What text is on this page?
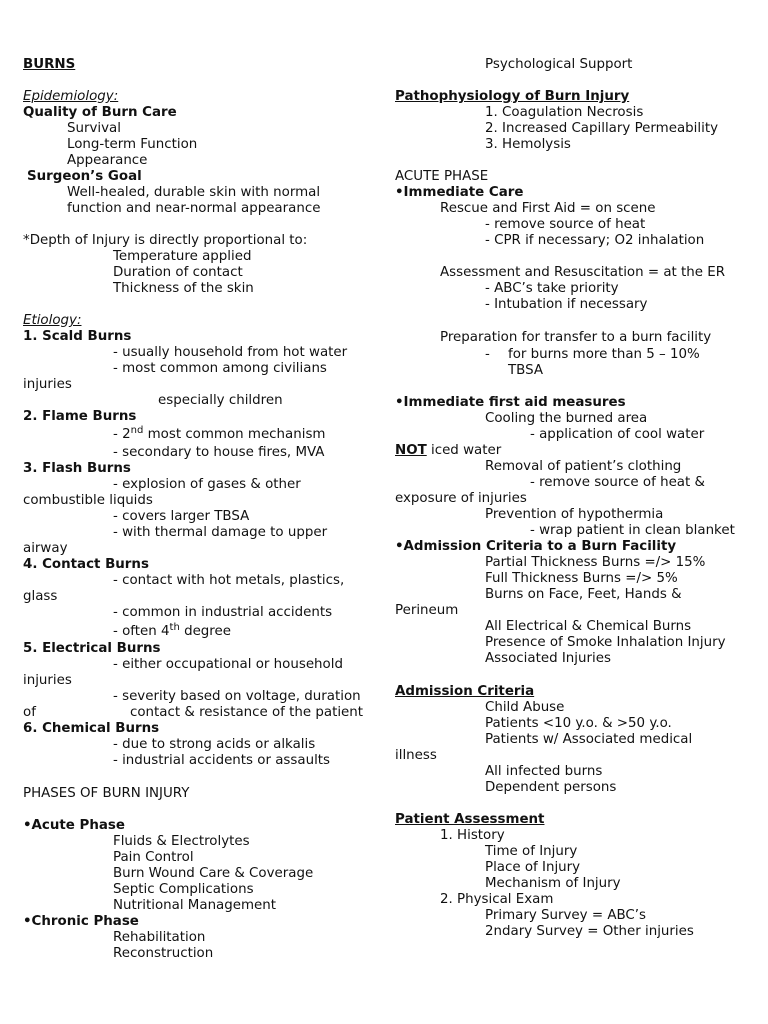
BURNS
Epidemiology:
Quality of Burn Care
Survival
Long-term Function
Appearance
Surgeon’s Goal
Well-healed, durable skin with normal
function and near-normal appearance
*Depth of Injury is directly proportional to:
Temperature applied
Duration of contact
Thickness of the skin
Etiology:
1. Scald Burns
- usually household from hot water
- most common among civilians
injuries
especially children
2. Flame Burns
- 2nd most common mechanism
- secondary to house fires, MVA
3. Flash Burns
- explosion of gases & other
combustible liquids
- covers larger TBSA
- with thermal damage to upper
airway
4. Contact Burns
- contact with hot metals, plastics,
glass
- common in industrial accidents
- often 4th degree
5. Electrical Burns
- either occupational or household
injuries
- severity based on voltage, duration
of	contact & resistance of the patient
6. Chemical Burns
- due to strong acids or alkalis
- industrial accidents or assaults
PHASES OF BURN INJURY
•Acute Phase
Fluids & Electrolytes
Pain Control
Burn Wound Care & Coverage
Septic Complications
Nutritional Management
•Chronic Phase
Rehabilitation
Reconstruction
Psychological Support
Pathophysiology of Burn Injury
1. Coagulation Necrosis
2. Increased Capillary Permeability
3. Hemolysis
ACUTE PHASE
•Immediate Care
Rescue and First Aid = on scene
- remove source of heat
- CPR if necessary; O2 inhalation
Assessment and Resuscitation = at the ER
- ABC’s take priority
- Intubation if necessary
Preparation for transfer to a burn facility
- for burns more than 5 – 10%
TBSA
•Immediate first aid measures
Cooling the burned area
- application of cool water
NOT iced water
Removal of patient’s clothing
- remove source of heat &
exposure of injuries
Prevention of hypothermia
- wrap patient in clean blanket
•Admission Criteria to a Burn Facility
Partial Thickness Burns =/> 15%
Full Thickness Burns =/> 5%
Burns on Face, Feet, Hands &
Perineum
All Electrical & Chemical Burns
Presence of Smoke Inhalation Injury
Associated Injuries
Admission Criteria
Child Abuse
Patients <10 y.o. & >50 y.o.
Patients w/ Associated medical
illness
All infected burns
Dependent persons
Patient Assessment
1. History
Time of Injury
Place of Injury
Mechanism of Injury
2. Physical Exam
Primary Survey = ABC’s
2ndary Survey = Other injuries
